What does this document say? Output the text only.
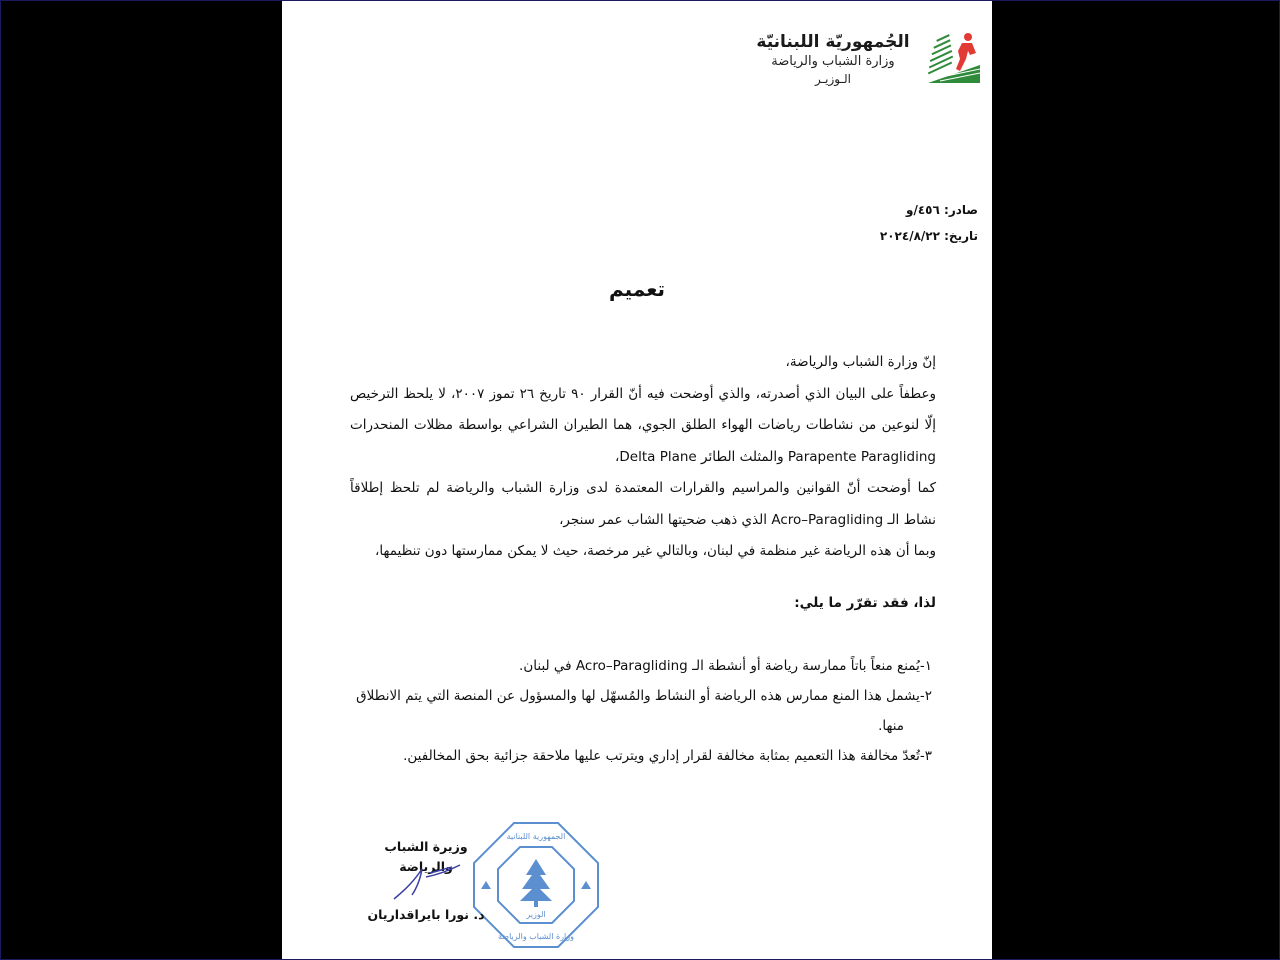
الجُمهوريّة اللبنانيّة
وزارة الشباب والرياضة
الـوزيـر
صادر: ٤٥٦/و
تاريخ: ٢٠٢٤/٨/٢٢
تعميم

إنّ وزارة الشباب والرياضة،

وعطفاً على البيان الذي أصدرته، والذي أوضحت فيه أنّ القرار ٩٠ تاريخ ٢٦ تموز ٢٠٠٧، لا يلحظ الترخيص إلّا لنوعين من نشاطات رياضات الهواء الطلق الجوي، هما الطيران الشراعي بواسطة مظلات المنحدرات Parapente Paragliding والمثلث الطائر Delta Plane،

كما أوضحت أنّ القوانين والمراسيم والقرارات المعتمدة لدى وزارة الشباب والرياضة لم تلحظ إطلاقاً نشاط الـ Acro–Paragliding الذي ذهب ضحيتها الشاب عمر سنجر،

وبما أن هذه الرياضة غير منظمة في لبنان، وبالتالي غير مرخصة، حيث لا يمكن ممارستها دون تنظيمها،

لذا، فقد تقرّر ما يلي:

١-يُمنع منعاً باتاً ممارسة رياضة أو أنشطة الـ Acro–Paragliding في لبنان.

٢-يشمل هذا المنع ممارس هذه الرياضة أو النشاط والمُسهّل لها والمسؤول عن المنصة التي يتم الانطلاق

منها.

٣-تُعدّ مخالفة هذا التعميم بمثابة مخالفة لقرار إداري ويترتب عليها ملاحقة جزائية بحق المخالفين.

الوزير
الجمهورية اللبنانية
وزارة الشباب والرياضة
وزيرة الشباب والرياضة
د. نورا بايراقداريان
